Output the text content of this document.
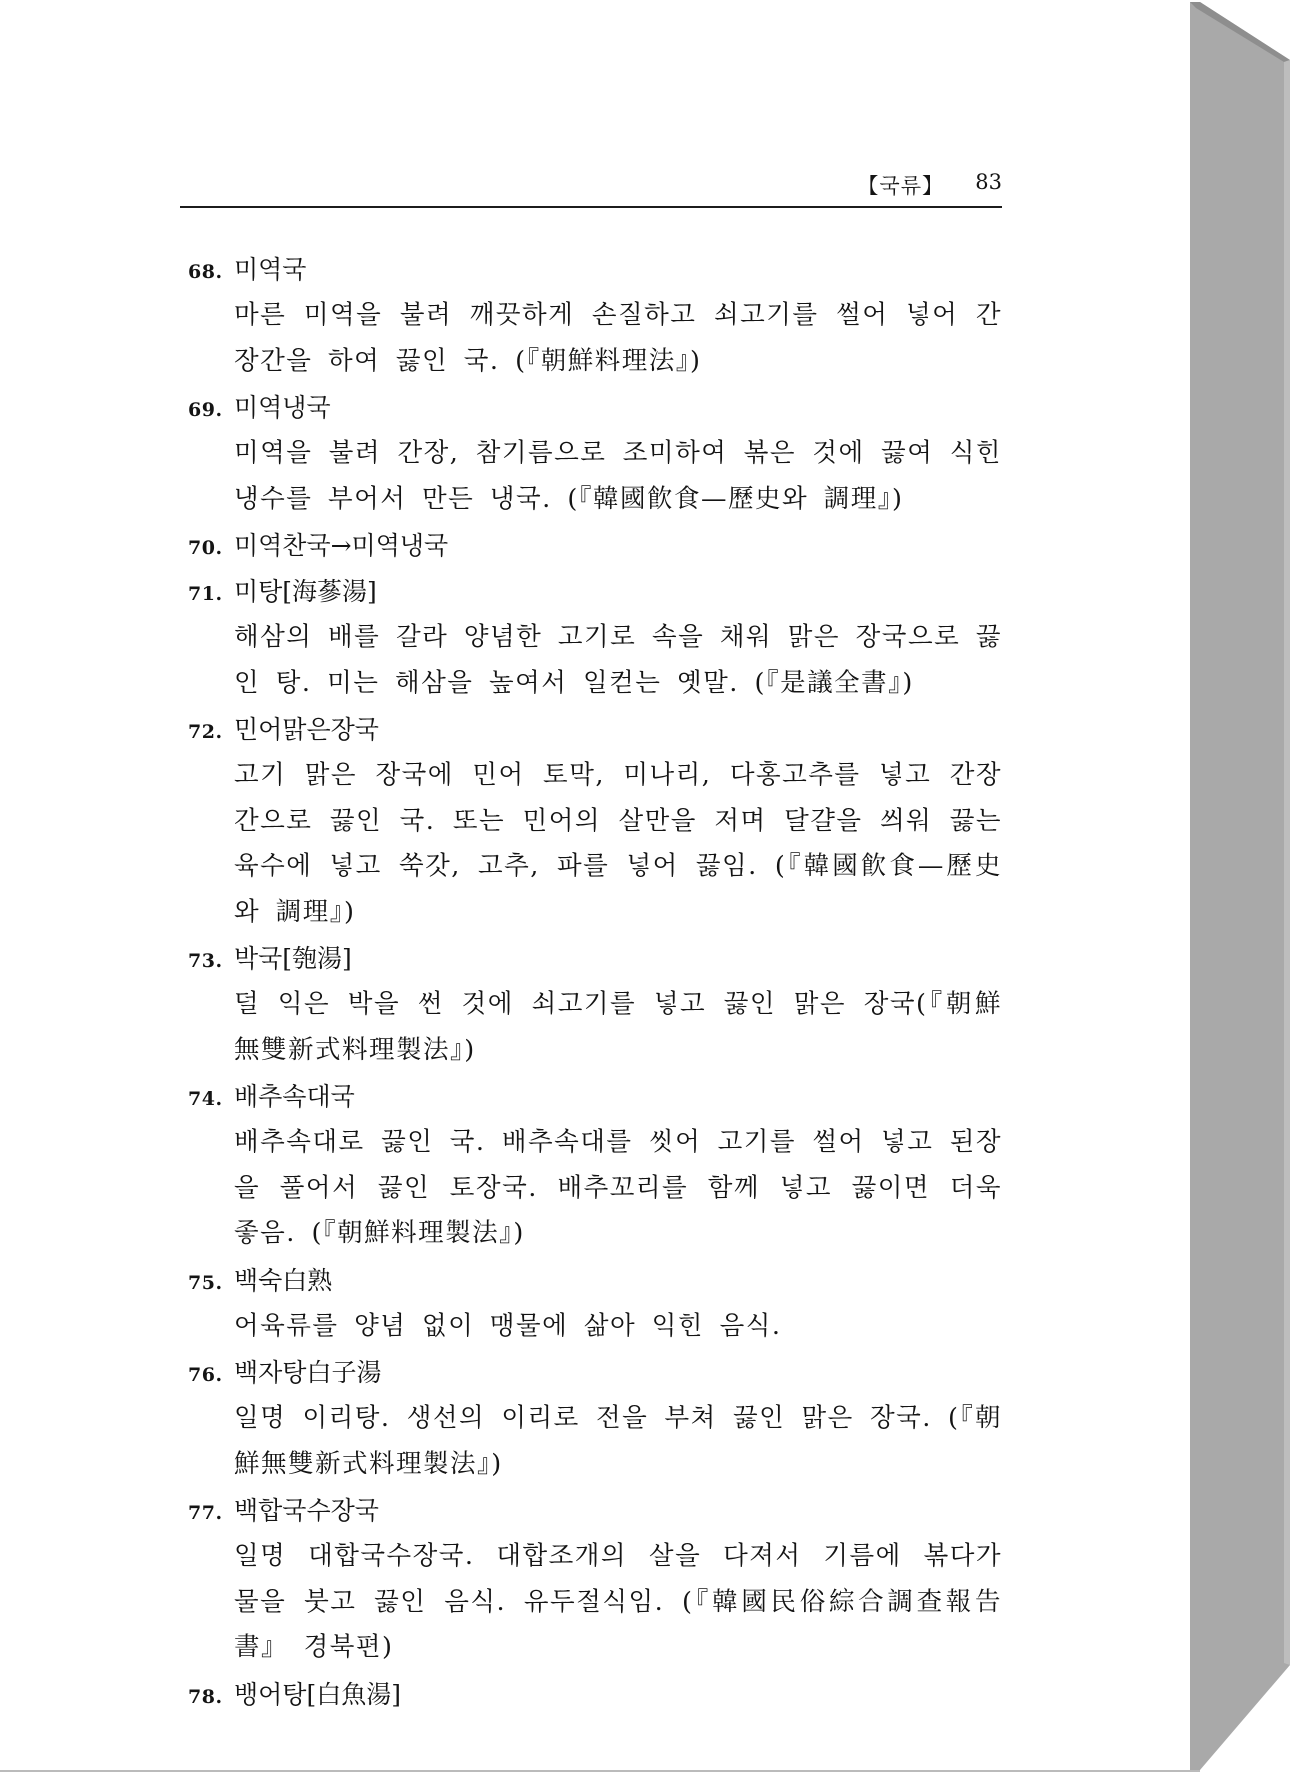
【국류】 83
68. 미역국
마른 미역을 불려 깨끗하게 손질하고 쇠고기를 썰어 넣어 간장간을 하여 끓인 국. (『朝鮮料理法』)
69. 미역냉국
미역을 불려 간장, 참기름으로 조미하여 볶은 것에 끓여 식힌 냉수를 부어서 만든 냉국. (『韓國飮食—歷史와 調理』)
70. 미역찬국→미역냉국
71. 미탕[海蔘湯]
해삼의 배를 갈라 양념한 고기로 속을 채워 맑은 장국으로 끓인 탕. 미는 해삼을 높여서 일컫는 옛말. (『是議全書』)
72. 민어맑은장국
고기 맑은 장국에 민어 토막, 미나리, 다홍고추를 넣고 간장간으로 끓인 국. 또는 민어의 살만을 저며 달걀을 씌워 끓는 육수에 넣고 쑥갓, 고추, 파를 넣어 끓임. (『韓國飮食—歷史와 調理』)
73. 박국[匏湯]
덜 익은 박을 썬 것에 쇠고기를 넣고 끓인 맑은 장국(『朝鮮無雙新式料理製法』)
74. 배추속대국
배추속대로 끓인 국. 배추속대를 씻어 고기를 썰어 넣고 된장을 풀어서 끓인 토장국. 배추꼬리를 함께 넣고 끓이면 더욱 좋음. (『朝鮮料理製法』)
75. 백숙白熟
어육류를 양념 없이 맹물에 삶아 익힌 음식.
76. 백자탕白子湯
일명 이리탕. 생선의 이리로 전을 부쳐 끓인 맑은 장국. (『朝鮮無雙新式料理製法』)
77. 백합국수장국
일명 대합국수장국. 대합조개의 살을 다져서 기름에 볶다가 물을 붓고 끓인 음식. 유두절식임. (『韓國民俗綜合調查報告書』 경북편)
78. 뱅어탕[白魚湯]
